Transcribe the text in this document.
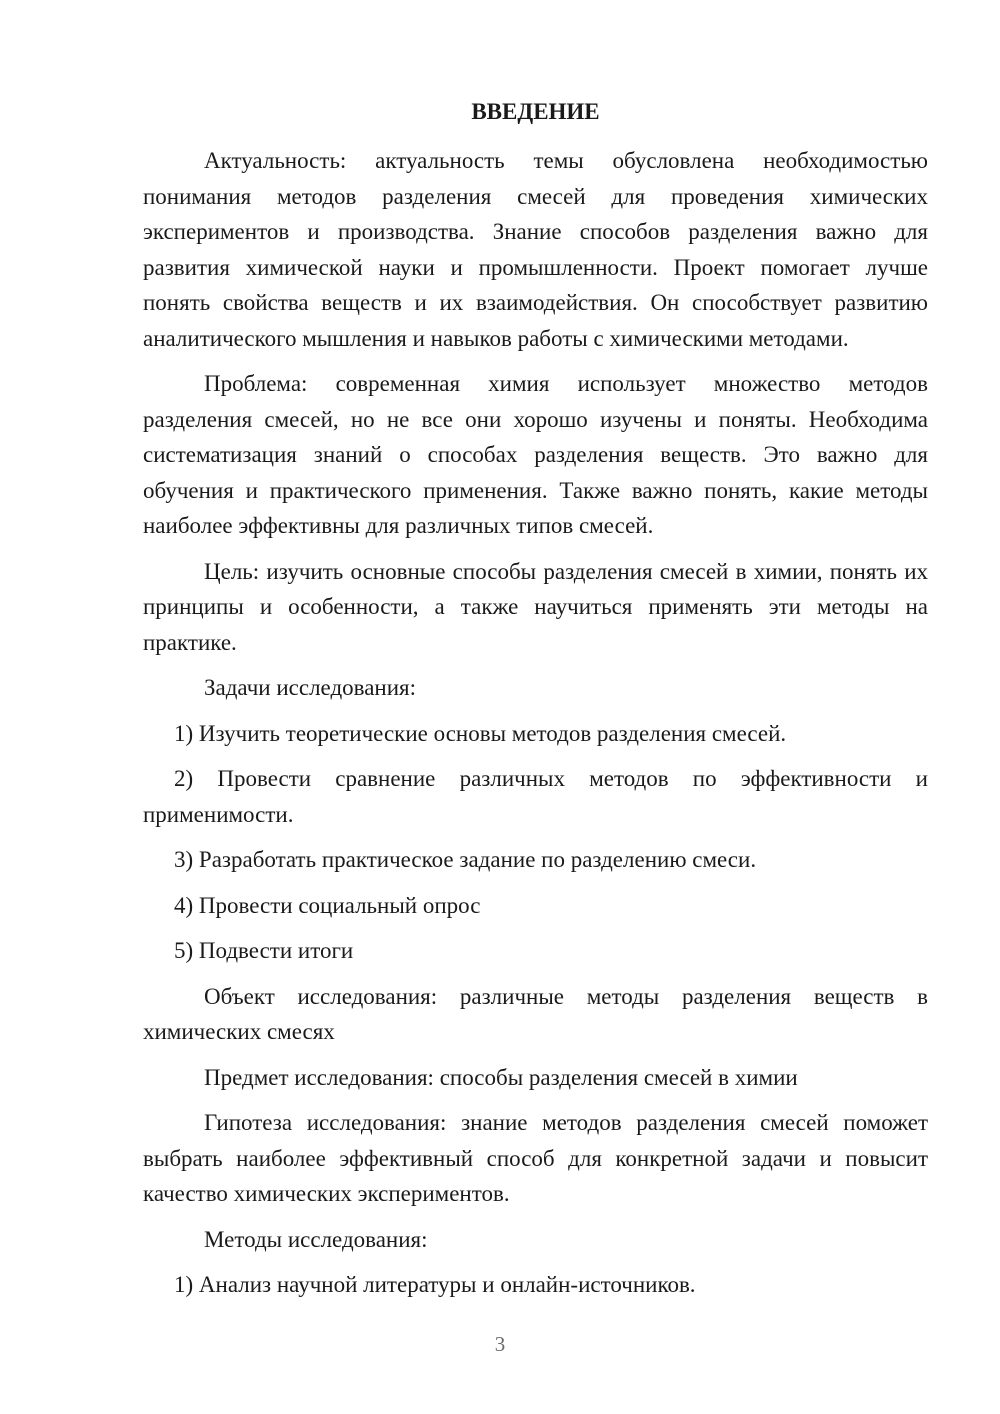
ВВЕДЕНИЕ

Актуальность: актуальность темы обусловлена необходимостью понимания методов разделения смесей для проведения химических экспериментов и производства. Знание способов разделения важно для развития химической науки и промышленности. Проект помогает лучше понять свойства веществ и их взаимодействия. Он способствует развитию аналитического мышления и навыков работы с химическими методами.

Проблема: современная химия использует множество методов разделения смесей, но не все они хорошо изучены и поняты. Необходима систематизация знаний о способах разделения веществ. Это важно для обучения и практического применения. Также важно понять, какие методы наиболее эффективны для различных типов смесей.

Цель: изучить основные способы разделения смесей в химии, понять их принципы и особенности, а также научиться применять эти методы на практике.

Задачи исследования:

1) Изучить теоретические основы методов разделения смесей.

2) Провести сравнение различных методов по эффективности и применимости.

3) Разработать практическое задание по разделению смеси.

4) Провести социальный опрос

5) Подвести итоги

Объект исследования: различные методы разделения веществ в химических смесях

Предмет исследования: способы разделения смесей в химии

Гипотеза исследования: знание методов разделения смесей поможет выбрать наиболее эффективный способ для конкретной задачи и повысит качество химических экспериментов.

Методы исследования:

1) Анализ научной литературы и онлайн-источников.

3
